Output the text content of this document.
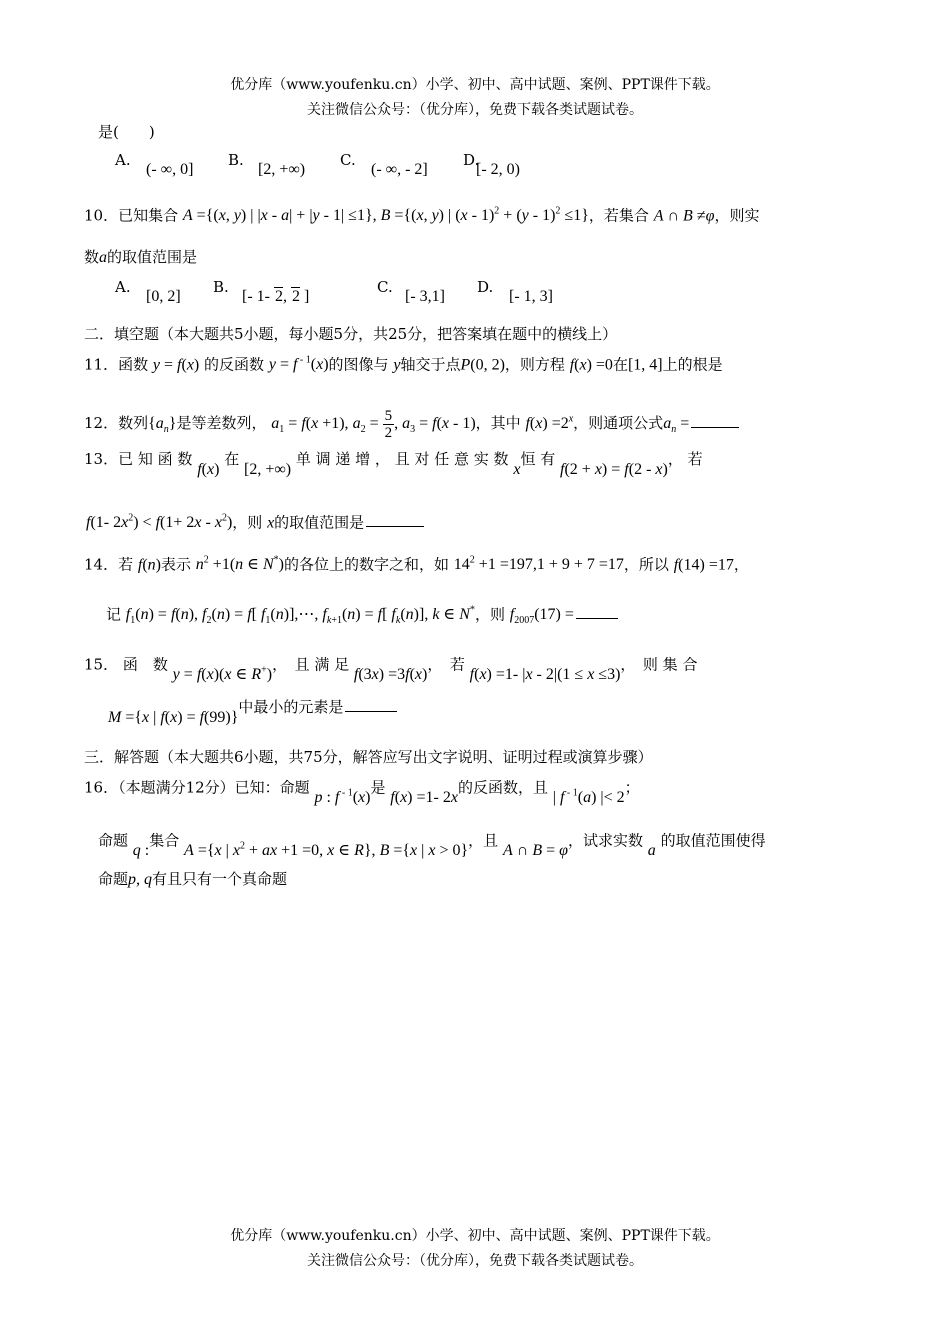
优分库（www.youfenku.cn）小学、初中、高中试题、案例、PPT课件下载。
关注微信公众号：（优分库），免费下载各类试题试卷。
是(　　)
A.
(- ∞, 0]
B.
[2, +∞)
C.
(- ∞, - 2]
D.
[- 2, 0)
10．已知集合 A ={(x, y) | |x - a| + |y - 1| ≤1}, B ={(x, y) | (x - 1)$^2$ + (y - 1)$^2$ ≤1}，若集合 A ∩ B ≠φ，则实
数a的取值范围是
A.
[0, 2]
B.
[- 1- 2, 2 ]
C.
[- 3,1]
D.
[- 1, 3]
二．填空题（本大题共5小题，每小题5分，共25分，把答案填在题中的横线上）
11．函数 y = f(x) 的反函数 y = f $^{- 1}$(x)的图像与 y轴交于点P(0, 2)，则方程 f(x) =0在[1, 4]上的根是
12．数列$\{a_n\}$是等差数列， $a_1 = f(x +1)$, $a_2 = \frac{5}{2}$ , $a_3 = f(x - 1)$，其中 $f(x) =2^x$，则通项公式$a_n$ =
13．已 知 函 数 f(x) 在 [2, +∞) 单 调 递 增 ， 且 对 任 意 实 数 x恒 有 f(2 + x) = f(2 - x)， 若
f(1- $2x^2) < f(1+ 2x - x^2)$，则 x的取值范围是
14．若 f(n)表示 $n^2 +1(n$ ∈ N*)的各位上的数字之和，如 $14^2 +1 =197,1 + 9 + 7 =17$，所以 f(14) =17，
记 $f_1(n) = f(n)$, $f_2(n) = f$[ $f_1(n)],\cdots$, $f_{k+1}(n) = f$[ $f_k(n)$], k ∈ N*，则 $f_{2007}(17)$ =
15． 函　数 y = f(x)(x ∈ R+)，　且 满 足 f(3x) =3f(x)，　若 f(x) =1- |x - 2|(1 ≤ x ≤3)，　则 集 合
M ={x | f(x) = f(99)}中最小的元素是
三．解答题（本大题共6小题，共75分，解答应写出文字说明、证明过程或演算步骤）
16．（本题满分12分）已知：命题 p : f $^{- 1}$(x)是 f(x) =1- 2x的反函数，且 | f $^{- 1}$(a) |< 2；
命题 q :集合 A ={x | $x^2$ + ax +1 =0, x ∈ R}, B ={x | x > 0}，且 A ∩ B = φ，试求实数 a 的取值范围使得
命题p, q有且只有一个真命题
优分库（www.youfenku.cn）小学、初中、高中试题、案例、PPT课件下载。
关注微信公众号：（优分库），免费下载各类试题试卷。
